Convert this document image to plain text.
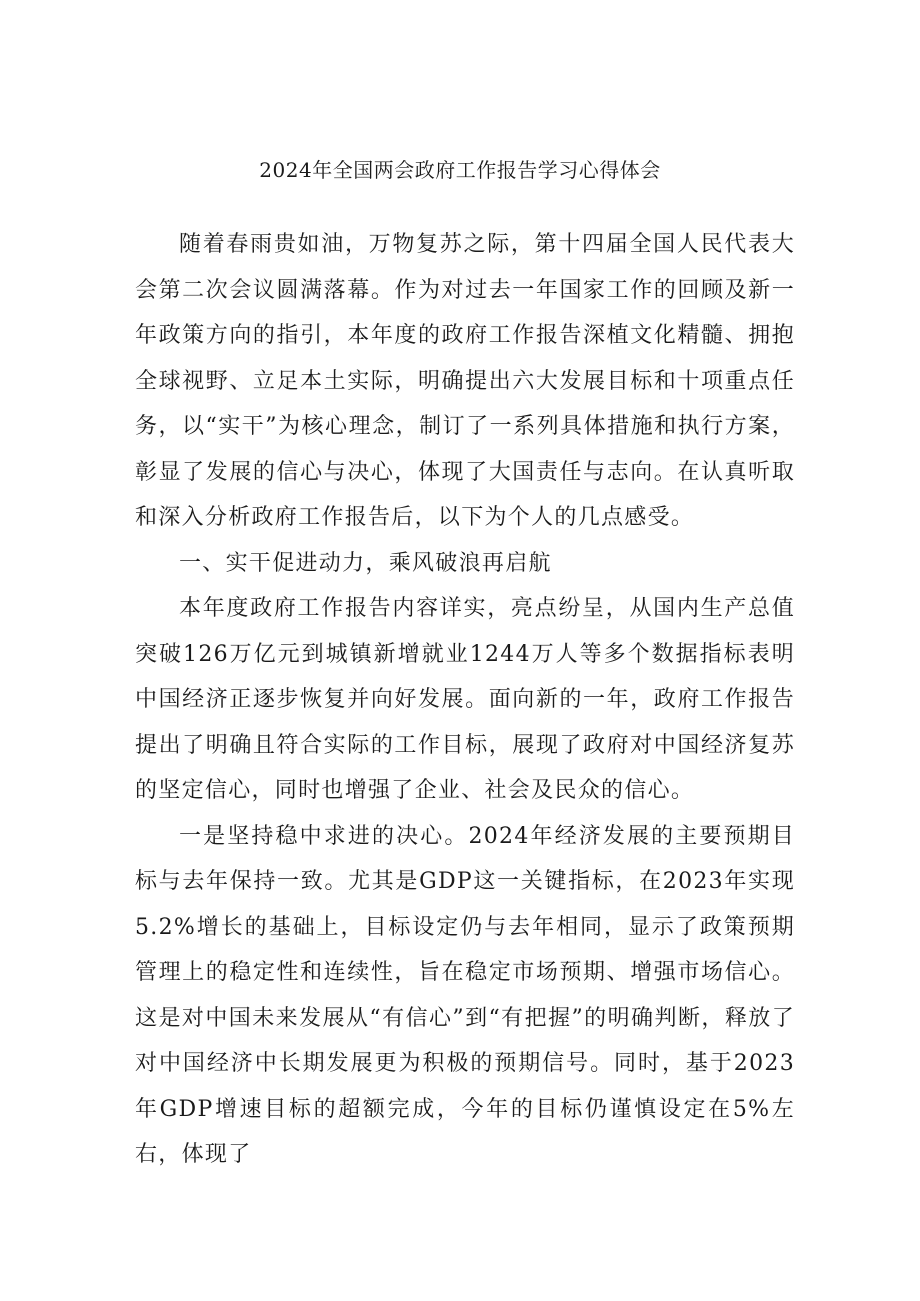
2024年全国两会政府工作报告学习心得体会

随着春雨贵如油，万物复苏之际，第十四届全国人民代表大会第二次会议圆满落幕。作为对过去一年国家工作的回顾及新一年政策方向的指引，本年度的政府工作报告深植文化精髓、拥抱全球视野、立足本土实际，明确提出六大发展目标和十项重点任务，以“实干”为核心理念，制订了一系列具体措施和执行方案，彰显了发展的信心与决心，体现了大国责任与志向。在认真听取和深入分析政府工作报告后，以下为个人的几点感受。

一、实干促进动力，乘风破浪再启航

本年度政府工作报告内容详实，亮点纷呈，从国内生产总值突破126万亿元到城镇新增就业1244万人等多个数据指标表明中国经济正逐步恢复并向好发展。面向新的一年，政府工作报告提出了明确且符合实际的工作目标，展现了政府对中国经济复苏的坚定信心，同时也增强了企业、社会及民众的信心。

一是坚持稳中求进的决心。2024年经济发展的主要预期目标与去年保持一致。尤其是GDP这一关键指标，在2023年实现5.2%增长的基础上，目标设定仍与去年相同，显示了政策预期管理上的稳定性和连续性，旨在稳定市场预期、增强市场信心。这是对中国未来发展从“有信心”到“有把握”的明确判断，释放了对中国经济中长期发展更为积极的预期信号。同时，基于2023年GDP增速目标的超额完成，今年的目标仍谨慎设定在5%左右，体现了
